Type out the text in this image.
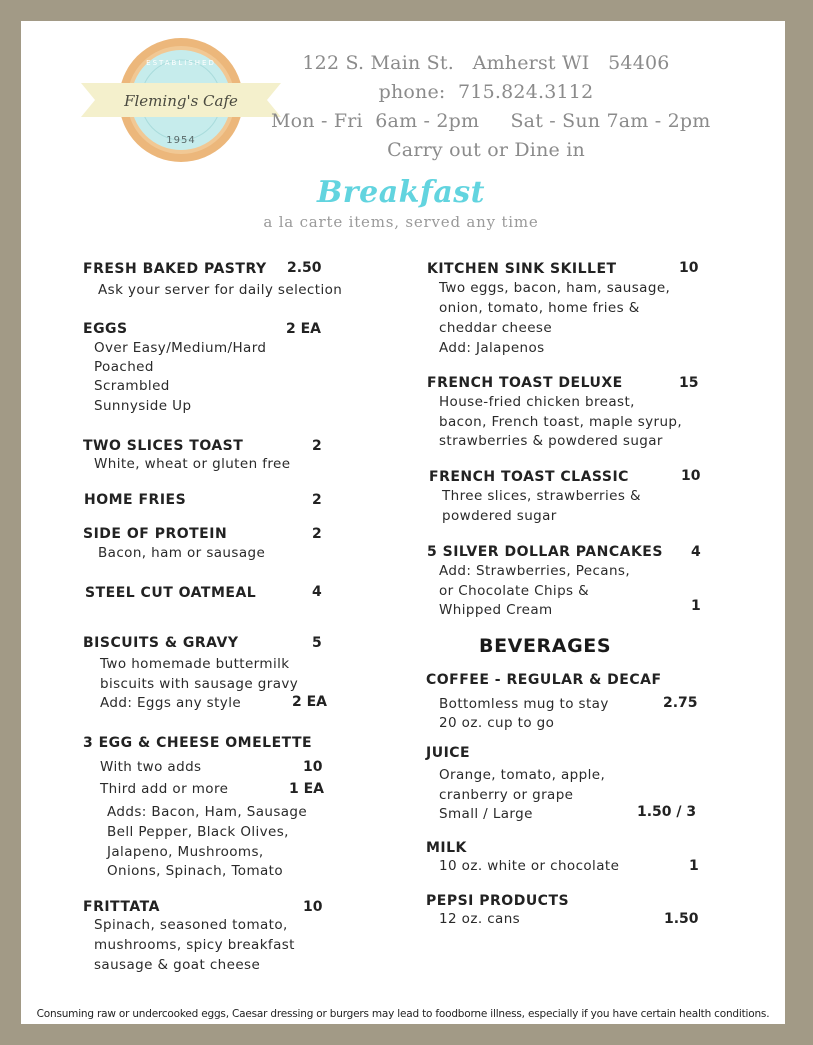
ESTABLISHED
Fleming's Cafe
1954
122 S. Main St.   Amherst WI   54406
phone:  715.824.3112
Mon - Fri  6am - 2pm     Sat - Sun 7am - 2pm
Carry out or Dine in
Breakfast
a la carte items, served any time
FRESH BAKED PASTRY 2.50
Ask your server for daily selection
EGGS	2 EA
Over Easy/Medium/Hard
Poached
Scrambled
Sunnyside Up
TWO SLICES TOAST	2
White, wheat or gluten free
HOME FRIES	2
SIDE OF PROTEIN	2
Bacon, ham or sausage
STEEL CUT OATMEAL	4
BISCUITS & GRAVY	5
Two homemade buttermilk
biscuits with sausage gravy
Add: Eggs any style	2 EA
3 EGG & CHEESE OMELETTE
With two adds	10
Third add or more	1 EA
Adds: Bacon, Ham, Sausage
Bell Pepper, Black Olives,
Jalapeno, Mushrooms,
Onions, Spinach, Tomato
FRITTATA	10
Spinach, seasoned tomato,
mushrooms, spicy breakfast
sausage & goat cheese
KITCHEN SINK SKILLET	10
Two eggs, bacon, ham, sausage,
onion, tomato, home fries &
cheddar cheese
Add: Jalapenos
FRENCH TOAST DELUXE	15
House-fried chicken breast,
bacon, French toast, maple syrup,
strawberries & powdered sugar
FRENCH TOAST CLASSIC	10
Three slices, strawberries &
powdered sugar
5 SILVER DOLLAR PANCAKES 4
Add: Strawberries, Pecans,
or Chocolate Chips &
Whipped Cream	1
BEVERAGES
COFFEE - REGULAR & DECAF
Bottomless mug to stay	2.75
20 oz. cup to go
JUICE
Orange, tomato, apple,
cranberry or grape
Small / Large	1.50 / 3
MILK
10 oz. white or chocolate	1
PEPSI PRODUCTS
12 oz. cans	1.50
Consuming raw or undercooked eggs, Caesar dressing or burgers may lead to foodborne illness, especially if you have certain health conditions.
